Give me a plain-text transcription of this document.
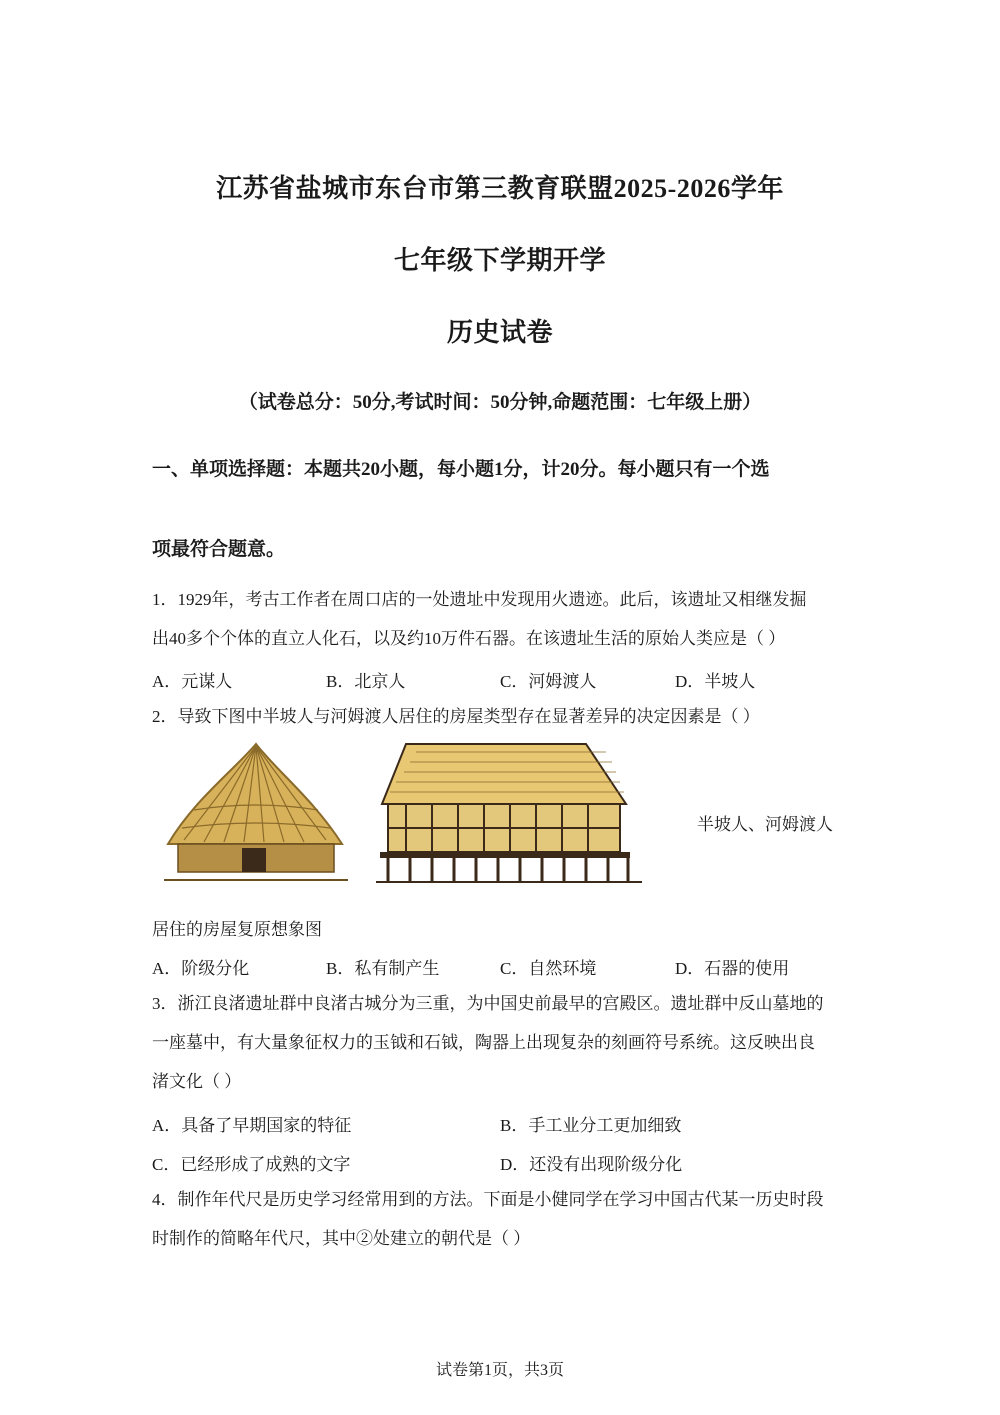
江苏省盐城市东台市第三教育联盟2025-2026学年
七年级下学期开学
历史试卷
（试卷总分：50分,考试时间：50分钟,命题范围：七年级上册）
一、单项选择题：本题共20小题，每小题1分，计20分。每小题只有一个选
项最符合题意。
1．1929年，考古工作者在周口店的一处遗址中发现用火遗迹。此后，该遗址又相继发掘
出40多个个体的直立人化石，以及约10万件石器。在该遗址生活的原始人类应是（ ）
A．元谋人	B．北京人	C．河姆渡人	D．半坡人
2．导致下图中半坡人与河姆渡人居住的房屋类型存在显著差异的决定因素是（ ）
半坡人、河姆渡人
居住的房屋复原想象图
A．阶级分化	B．私有制产生	C．自然环境	D．石器的使用
3．浙江良渚遗址群中良渚古城分为三重，为中国史前最早的宫殿区。遗址群中反山墓地的
一座墓中，有大量象征权力的玉钺和石钺，陶器上出现复杂的刻画符号系统。这反映出良
渚文化（ ）
A．具备了早期国家的特征	B．手工业分工更加细致
C．已经形成了成熟的文字	D．还没有出现阶级分化
4．制作年代尺是历史学习经常用到的方法。下面是小健同学在学习中国古代某一历史时段
时制作的简略年代尺，其中②处建立的朝代是（ ）
试卷第1页，共3页
